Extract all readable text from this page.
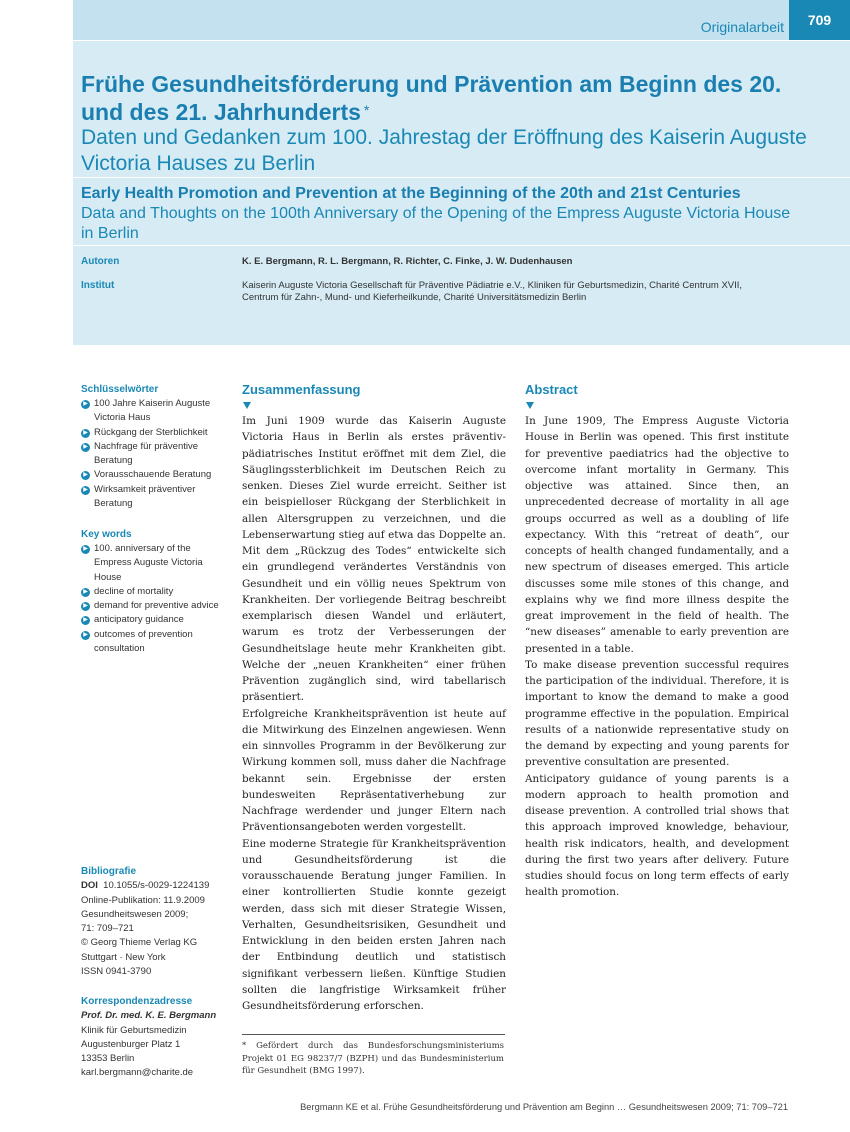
Originalarbeit	709
Frühe Gesundheitsförderung und Prävention am Beginn des 20. und des 21. Jahrhunderts *
Daten und Gedanken zum 100. Jahrestag der Eröffnung des Kaiserin Auguste Victoria Hauses zu Berlin
Early Health Promotion and Prevention at the Beginning of the 20th and 21st Centuries
Data and Thoughts on the 100th Anniversary of the Opening of the Empress Auguste Victoria House in Berlin
Autoren	K. E. Bergmann, R. L. Bergmann, R. Richter, C. Finke, J. W. Dudenhausen
Institut	Kaiserin Auguste Victoria Gesellschaft für Präventive Pädiatrie e.V., Kliniken für Geburtsmedizin, Charité Centrum XVII,
Centrum für Zahn-, Mund- und Kieferheilkunde, Charité Universitätsmedizin Berlin
Schlüsselwörter
▶ 100 Jahre Kaiserin Auguste Victoria Haus
▶ Rückgang der Sterblichkeit
▶ Nachfrage für präventive Beratung
▶ Vorausschauende Beratung
▶ Wirksamkeit präventiver Beratung
Key words
▶ 100. anniversary of the Empress Auguste Victoria House
▶ decline of mortality
▶ demand for preventive advice
▶ anticipatory guidance
▶ outcomes of prevention consultation
Bibliografie
DOI 10.1055/s-0029-1224139
Online-Publikation: 11.9.2009
Gesundheitswesen 2009;
71: 709–721
© Georg Thieme Verlag KG
Stuttgart · New York
ISSN 0941-3790
Korrespondenzadresse
Prof. Dr. med. K. E. Bergmann
Klinik für Geburtsmedizin
Augustenburger Platz 1
13353 Berlin
karl.bergmann@charite.de
Zusammenfassung

Im Juni 1909 wurde das Kaiserin Auguste Victoria Haus in Berlin als erstes präventiv-pädiatrisches Institut eröffnet mit dem Ziel, die Säuglingssterblichkeit im Deutschen Reich zu senken. Dieses Ziel wurde erreicht. Seither ist ein beispielloser Rückgang der Sterblichkeit in allen Altersgruppen zu verzeichnen, und die Lebenserwartung stieg auf etwa das Doppelte an. Mit dem „Rückzug des Todes“ entwickelte sich ein grundlegend verändertes Verständnis von Gesundheit und ein völlig neues Spektrum von Krankheiten. Der vorliegende Beitrag beschreibt exemplarisch diesen Wandel und erläutert, warum es trotz der Verbesserungen der Gesundheitslage heute mehr Krankheiten gibt. Welche der „neuen Krankheiten“ einer frühen Prävention zugänglich sind, wird tabellarisch präsentiert.

Erfolgreiche Krankheitsprävention ist heute auf die Mitwirkung des Einzelnen angewiesen. Wenn ein sinnvolles Programm in der Bevölkerung zur Wirkung kommen soll, muss daher die Nachfrage bekannt sein. Ergebnisse der ersten bundesweiten Repräsentativerhebung zur Nachfrage werdender und junger Eltern nach Präventionsangeboten werden vorgestellt.

Eine moderne Strategie für Krankheitsprävention und Gesundheitsförderung ist die vorausschauende Beratung junger Familien. In einer kontrollierten Studie konnte gezeigt werden, dass sich mit dieser Strategie Wissen, Verhalten, Gesundheitsrisiken, Gesundheit und Entwicklung in den beiden ersten Jahren nach der Entbindung deutlich und statistisch signifikant verbessern ließen. Künftige Studien sollten die langfristige Wirksamkeit früher Gesundheitsförderung erforschen.

Abstract

In June 1909, The Empress Auguste Victoria House in Berlin was opened. This first institute for preventive paediatrics had the objective to overcome infant mortality in Germany. This objective was attained. Since then, an unprecedented decrease of mortality in all age groups occurred as well as a doubling of life expectancy. With this “retreat of death”, our concepts of health changed fundamentally, and a new spectrum of diseases emerged. This article discusses some mile stones of this change, and explains why we find more illness despite the great improvement in the field of health. The “new diseases” amenable to early prevention are presented in a table.

To make disease prevention successful requires the participation of the individual. Therefore, it is important to know the demand to make a good programme effective in the population. Empirical results of a nationwide representative study on the demand by expecting and young parents for preventive consultation are presented.

Anticipatory guidance of young parents is a modern approach to health promotion and disease prevention. A controlled trial shows that this approach improved knowledge, behaviour, health risk indicators, health, and development during the first two years after delivery. Future studies should focus on long term effects of early health promotion.

* Gefördert durch das Bundesforschungsministeriums Projekt 01 EG 98237/7 (BZPH) und das Bundesministerium für Gesundheit (BMG 1997).
Bergmann KE et al. Frühe Gesundheitsförderung und Prävention am Beginn … Gesundheitswesen 2009; 71: 709–721
